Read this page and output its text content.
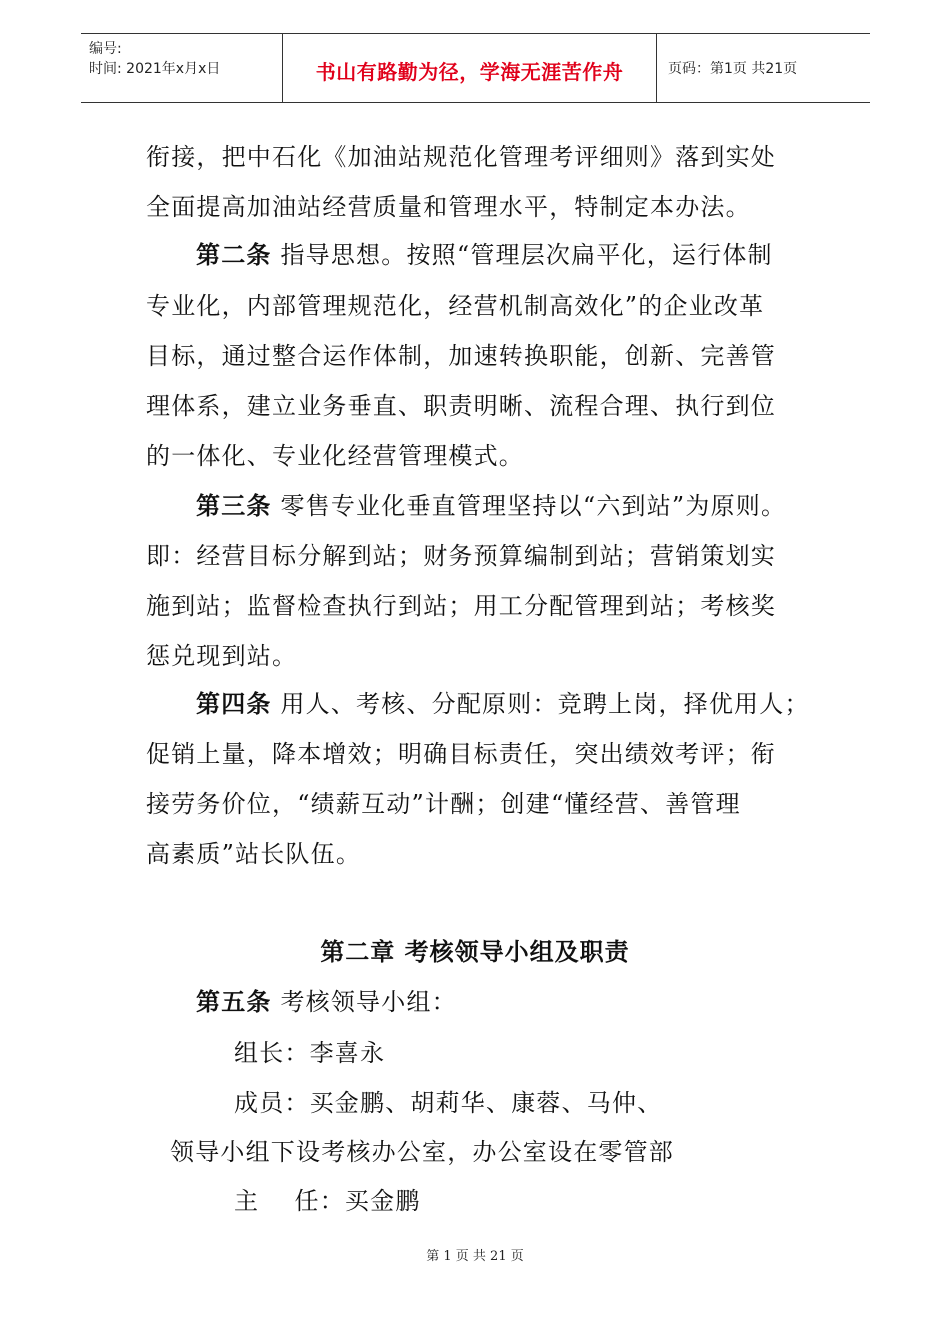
编号:
时间: 2021年x月x日	书山有路勤为径，学海无涯苦作舟	页码：第1页 共21页
衔接，把中石化《加油站规范化管理考评细则》落到实处
全面提高加油站经营质量和管理水平，特制定本办法。
第二条 指导思想。按照“管理层次扁平化，运行体制
专业化，内部管理规范化，经营机制高效化”的企业改革
目标，通过整合运作体制，加速转换职能，创新、完善管
理体系，建立业务垂直、职责明晰、流程合理、执行到位
的一体化、专业化经营管理模式。
第三条 零售专业化垂直管理坚持以“六到站”为原则。
即：经营目标分解到站；财务预算编制到站；营销策划实
施到站；监督检查执行到站；用工分配管理到站；考核奖
惩兑现到站。
第四条 用人、考核、分配原则：竞聘上岗，择优用人；
促销上量，降本增效；明确目标责任，突出绩效考评；衔
接劳务价位，“绩薪互动”计酬；创建“懂经营、善管理
高素质”站长队伍。
第二章 考核领导小组及职责
第五条 考核领导小组：
组长：李喜永
成员：买金鹏、胡莉华、康蓉、马仲、
领导小组下设考核办公室，办公室设在零管部
主    任：买金鹏
第 1 页 共 21 页
